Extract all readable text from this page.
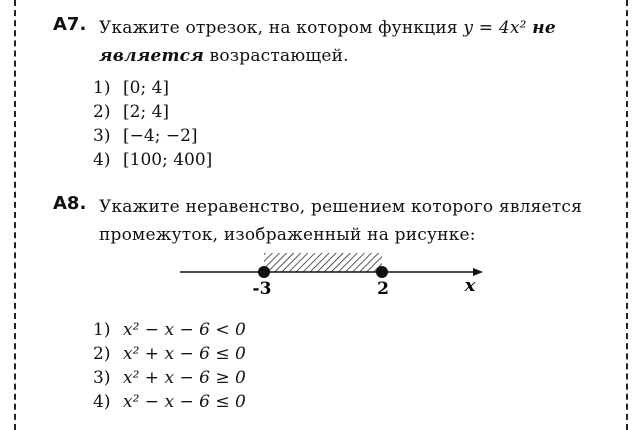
A7. Укажите отрезок, на котором функция y = 4x² не является возрастающей.
1) [0; 4]
2) [2; 4]
3) [−4; −2]
4) [100; 400]
A8. Укажите неравенство, решением которого является промежуток, изображенный на рисунке:
-3	2	x
1) x² − x − 6 < 0
2) x² + x − 6 ≤ 0
3) x² + x − 6 ≥ 0
4) x² − x − 6 ≤ 0
